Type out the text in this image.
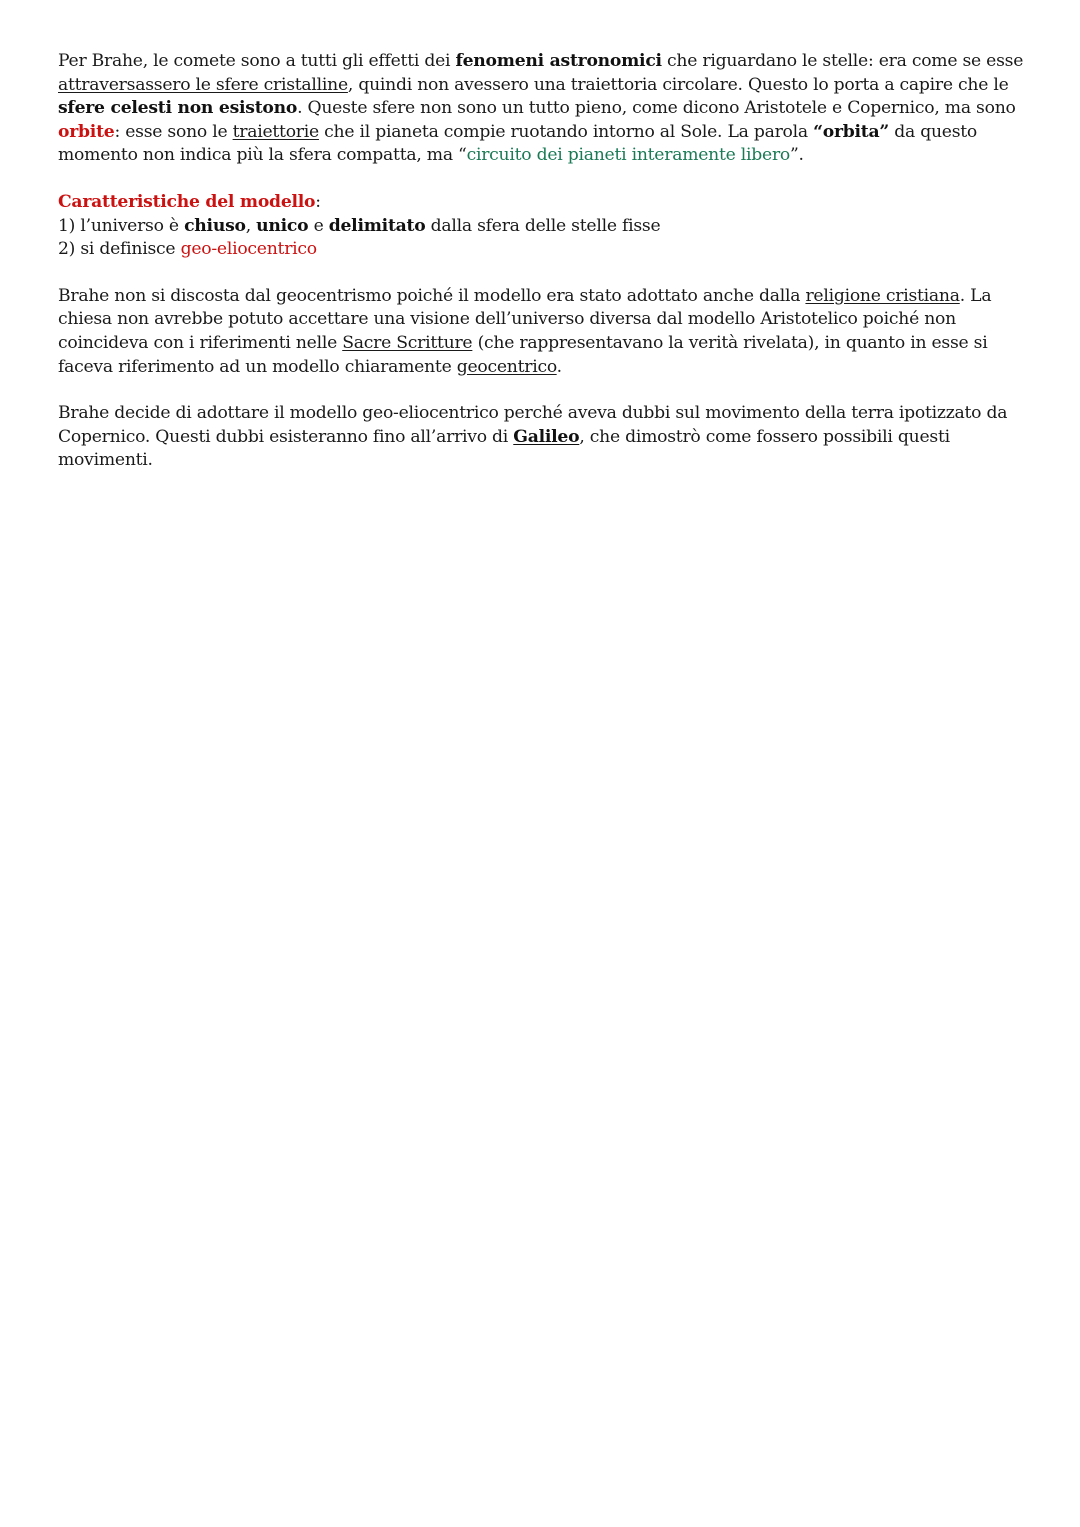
Per Brahe, le comete sono a tutti gli effetti dei fenomeni astronomici che riguardano le stelle: era come se esse attraversassero le sfere cristalline, quindi non avessero una traiettoria circolare. Questo lo porta a capire che le sfere celesti non esistono. Queste sfere non sono un tutto pieno, come dicono Aristotele e Copernico, ma sono orbite: esse sono le traiettorie che il pianeta compie ruotando intorno al Sole. La parola “orbita” da questo momento non indica più la sfera compatta, ma “circuito dei pianeti interamente libero”.

Caratteristiche del modello:
1) l’universo è chiuso, unico e delimitato dalla sfera delle stelle fisse
2) si definisce geo-eliocentrico

Brahe non si discosta dal geocentrismo poiché il modello era stato adottato anche dalla religione cristiana. La chiesa non avrebbe potuto accettare una visione dell’universo diversa dal modello Aristotelico poiché non coincideva con i riferimenti nelle Sacre Scritture (che rappresentavano la verità rivelata), in quanto in esse si faceva riferimento ad un modello chiaramente geocentrico.

Brahe decide di adottare il modello geo-eliocentrico perché aveva dubbi sul movimento della terra ipotizzato da Copernico. Questi dubbi esisteranno fino all’arrivo di Galileo, che dimostrò come fossero possibili questi movimenti.
